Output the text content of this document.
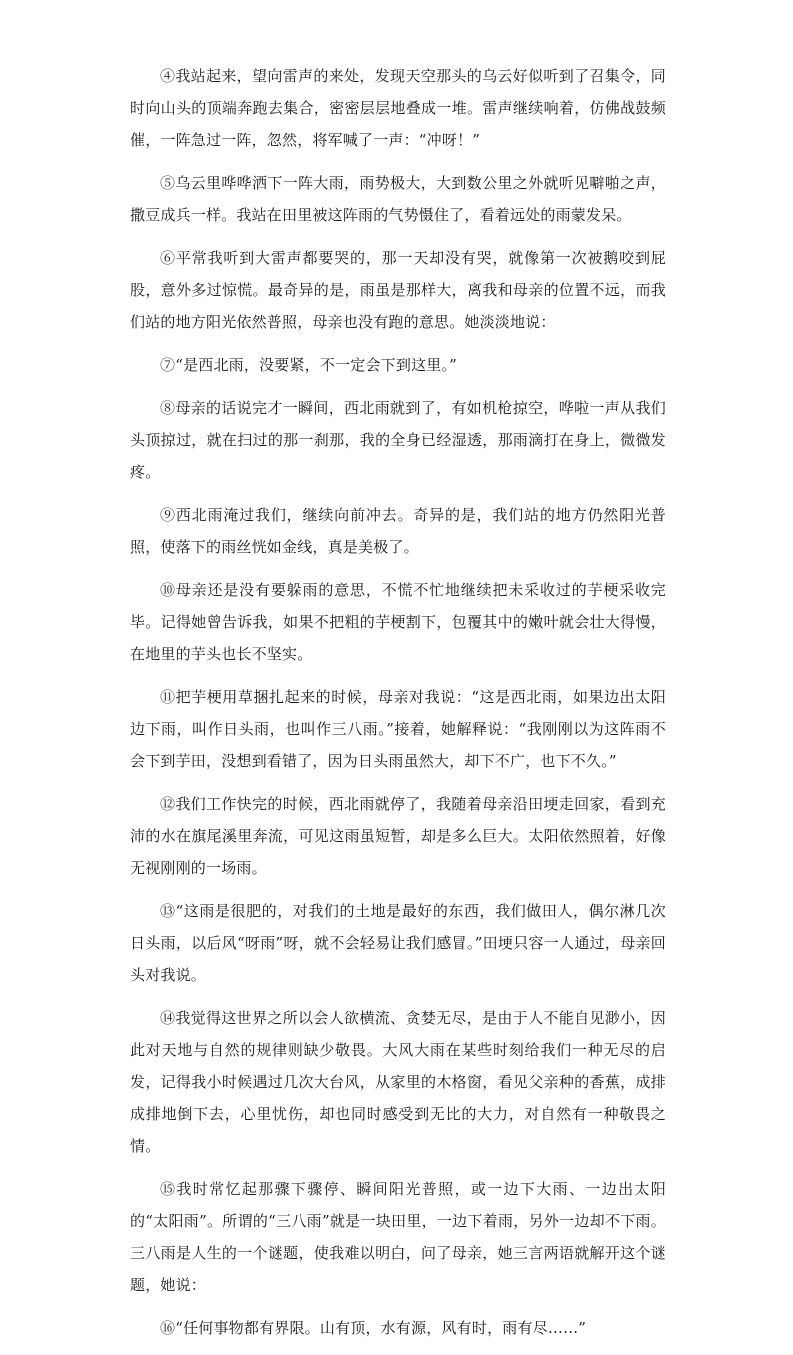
④我站起来，望向雷声的来处，发现天空那头的乌云好似听到了召集令，同时向山头的顶端奔跑去集合，密密层层地叠成一堆。雷声继续响着，仿佛战鼓频催，一阵急过一阵，忽然，将军喊了一声：“冲呀！”

⑤乌云里哗哗洒下一阵大雨，雨势极大，大到数公里之外就听见噼啪之声，撒豆成兵一样。我站在田里被这阵雨的气势慑住了，看着远处的雨蒙发呆。

⑥平常我听到大雷声都要哭的，那一天却没有哭，就像第一次被鹅咬到屁股，意外多过惊慌。最奇异的是，雨虽是那样大，离我和母亲的位置不远，而我们站的地方阳光依然普照，母亲也没有跑的意思。她淡淡地说：

⑦“是西北雨，没要紧，不一定会下到这里。”

⑧母亲的话说完才一瞬间，西北雨就到了，有如机枪掠空，哗啦一声从我们头顶掠过，就在扫过的那一刹那，我的全身已经湿透，那雨滴打在身上，微微发疼。

⑨西北雨淹过我们，继续向前冲去。奇异的是，我们站的地方仍然阳光普照，使落下的雨丝恍如金线，真是美极了。

⑩母亲还是没有要躲雨的意思，不慌不忙地继续把未采收过的芋梗采收完毕。记得她曾告诉我，如果不把粗的芋梗割下，包覆其中的嫩叶就会壮大得慢，在地里的芋头也长不坚实。

⑪把芋梗用草捆扎起来的时候，母亲对我说：“这是西北雨，如果边出太阳边下雨，叫作日头雨，也叫作三八雨。”接着，她解释说：“我刚刚以为这阵雨不会下到芋田，没想到看错了，因为日头雨虽然大，却下不广，也下不久。”

⑫我们工作快完的时候，西北雨就停了，我随着母亲沿田埂走回家，看到充沛的水在旗尾溪里奔流，可见这雨虽短暂，却是多么巨大。太阳依然照着，好像无视刚刚的一场雨。

⑬“这雨是很肥的，对我们的土地是最好的东西，我们做田人，偶尔淋几次日头雨，以后风“呀雨”呀，就不会轻易让我们感冒。”田埂只容一人通过，母亲回头对我说。

⑭我觉得这世界之所以会人欲横流、贪婪无尽，是由于人不能自见渺小，因此对天地与自然的规律则缺少敬畏。大风大雨在某些时刻给我们一种无尽的启发，记得我小时候遇过几次大台风，从家里的木格窗，看见父亲种的香蕉，成排成排地倒下去，心里忧伤，却也同时感受到无比的大力，对自然有一种敬畏之情。

⑮我时常忆起那骤下骤停、瞬间阳光普照，或一边下大雨、一边出太阳的“太阳雨”。所谓的“三八雨”就是一块田里，一边下着雨，另外一边却不下雨。三八雨是人生的一个谜题，使我难以明白，问了母亲，她三言两语就解开这个谜题，她说：

⑯“任何事物都有界限。山有顶，水有源，风有时，雨有尽……”
